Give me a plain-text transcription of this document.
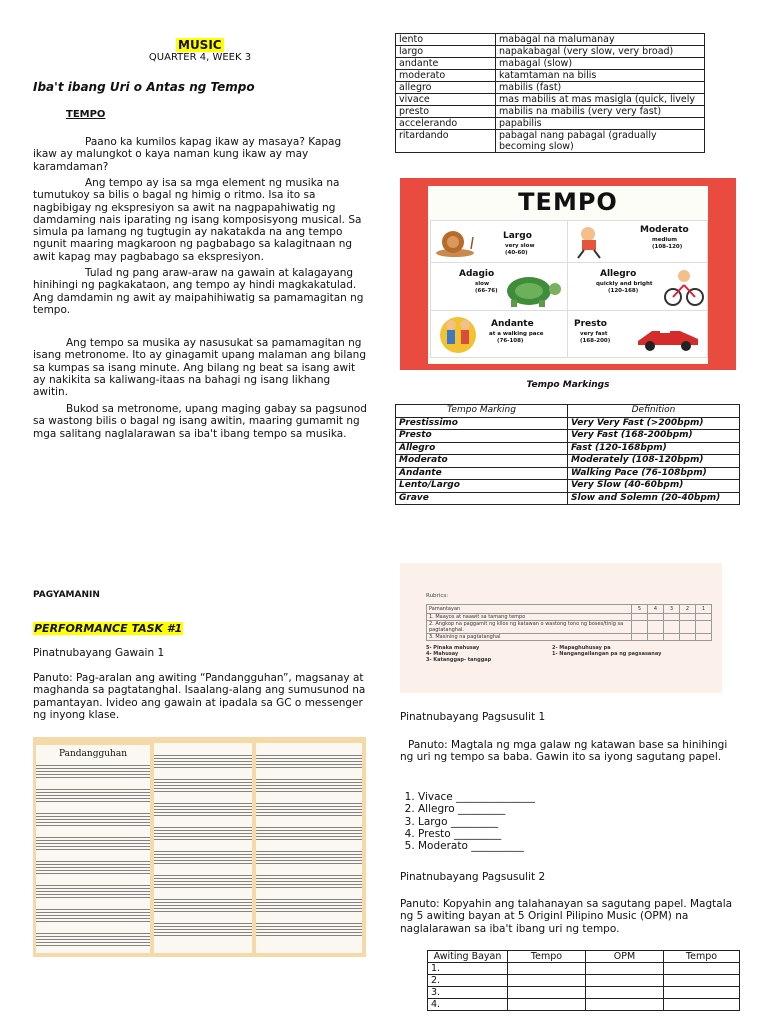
MUSIC
QUARTER 4, WEEK 3
Iba't ibang Uri o Antas ng Tempo
TEMPO
Paano ka kumilos kapag ikaw ay masaya? Kapag ikaw ay malungkot o kaya naman kung ikaw ay may karamdaman?
Ang tempo ay isa sa mga element ng musika na tumutukoy sa bilis o bagal ng himig o ritmo. Isa ito sa nagbibigay ng ekspresiyon sa awit na nagpapahiwatig ng damdaming nais iparating ng isang komposisyong musical. Sa simula pa lamang ng tugtugin ay nakatakda na ang tempo ngunit maaring magkaroon ng pagbabago sa kalagitnaan ng awit kapag may pagbabago sa ekspresiyon.
Tulad ng pang araw-araw na gawain at kalagayang hinihingi ng pagkakataon, ang tempo ay hindi magkakatulad. Ang damdamin ng awit ay maipahihiwatig sa pamamagitan ng tempo.
Ang tempo sa musika ay nasusukat sa pamamagitan ng isang metronome. Ito ay ginagamit upang malaman ang bilang sa kumpas sa isang minute. Ang bilang ng beat sa isang awit ay nakikita sa kaliwang-itaas na bahagi ng isang likhang awitin.
Bukod sa metronome, upang maging gabay sa pagsunod sa wastong bilis o bagal ng isang awitin, maaring gumamit ng mga salitang naglalarawan sa iba't ibang tempo sa musika.
lento	mabagal na malumanay
largo	napakabagal (very slow, very broad)
andante	mabagal (slow)
moderato	katamtaman na bilis
allegro	mabilis (fast)
vivace	mas mabilis at mas masigla (quick, lively
presto	mabilis na mabilis (very very fast)
accelerando	papabilis
ritardando	pabagal nang pabagal (gradually becoming slow)
TEMPO
Largo
very slow
(40-60)
Moderato
medium
(108-120)
Adagio
slow
(66-76)
Allegro
quickly and bright
(120-168)
Andante
at a walking pace
(76-108)
Presto
very fast
(168-200)
Tempo Markings
Tempo Marking	Definition
Prestissimo	Very Very Fast (>200bpm)
Presto	Very Fast (168-200bpm)
Allegro	Fast (120-168bpm)
Moderato	Moderately (108-120bpm)
Andante	Walking Pace (76-108bpm)
Lento/Largo	Very Slow (40-60bpm)
Grave	Slow and Solemn (20-40bpm)
PAGYAMANIN
PERFORMANCE TASK #1
Pinatnubayang Gawain 1
Panuto: Pag-aralan ang awiting “Pandangguhan”, magsanay at maghanda sa pagtatanghal. Isaalang-alang ang sumusunod na pamantayan. Ivideo ang gawain at ipadala sa GC o messenger ng inyong klase.
Pandangguhan
Rubrics:
Pamantayan	5	4	3	2	1
1. Maayos at naawit sa tamang tempo					
2. Angkop na paggamit ng kilos ng katawan o wastong tono ng boses/tinig sa pagtatanghal.					
3. Masining na pagtatanghal					
5- Pinaka mahusay	2- Mapaghuhusay pa
4- Mahusay	1- Nangangailangan pa ng pagsasanay
3- Katanggap- tanggap
Pinatnubayang Pagsusulit 1
Panuto: Magtala ng mga galaw ng katawan base sa hinihingi ng uri ng tempo sa baba. Gawin ito sa iyong sagutang papel.
1. Vivace _______________
2. Allegro _________
3. Largo _________
4. Presto _________
5. Moderato __________
Pinatnubayang Pagsusulit 2
Panuto: Kopyahin ang talahanayan sa sagutang papel. Magtala ng 5 awiting bayan at 5 Originl Pilipino Music (OPM) na naglalarawan sa iba't ibang uri ng tempo.
Awiting Bayan	Tempo	OPM	Tempo
1.			
2.			
3.			
4.			
